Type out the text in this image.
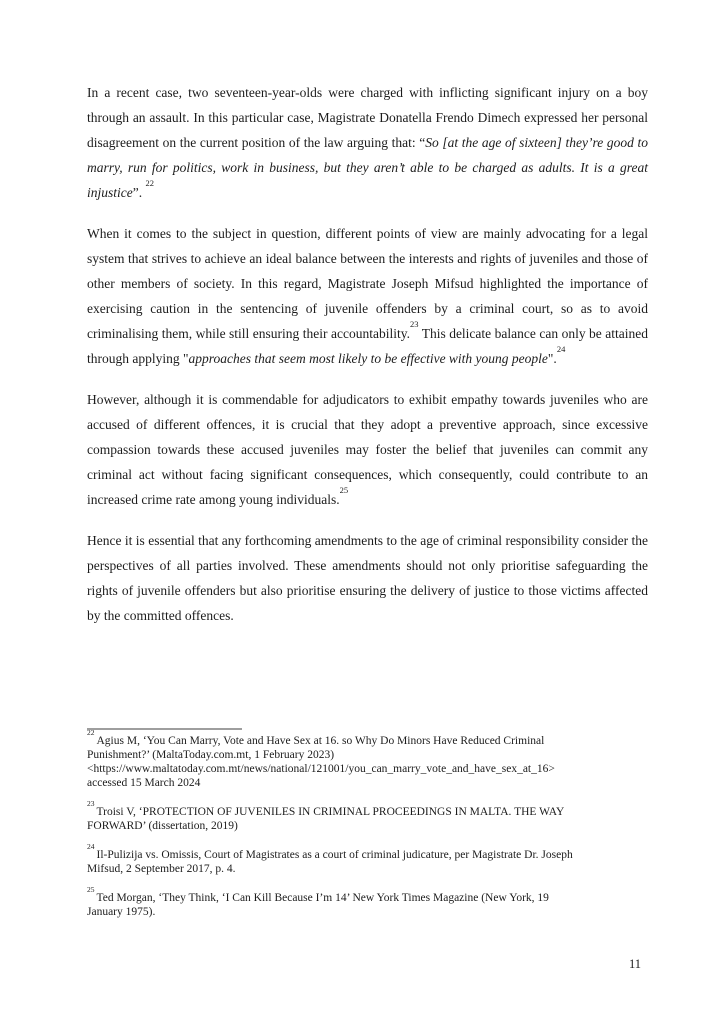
In a recent case, two seventeen-year-olds were charged with inflicting significant injury on a boy through an assault. In this particular case, Magistrate Donatella Frendo Dimech expressed her personal disagreement on the current position of the law arguing that: “So [at the age of sixteen] they’re good to marry, run for politics, work in business, but they aren’t able to be charged as adults. It is a great injustice”. $^{22}$

When it comes to the subject in question, different points of view are mainly advocating for a legal system that strives to achieve an ideal balance between the interests and rights of juveniles and those of other members of society. In this regard, Magistrate Joseph Mifsud highlighted the importance of exercising caution in the sentencing of juvenile offenders by a criminal court, so as to avoid criminalising them, while still ensuring their accountability.$^{23}$ This delicate balance can only be attained through applying "approaches that seem most likely to be effective with young people".$^{24}$

However, although it is commendable for adjudicators to exhibit empathy towards juveniles who are accused of different offences, it is crucial that they adopt a preventive approach, since excessive compassion towards these accused juveniles may foster the belief that juveniles can commit any criminal act without facing significant consequences, which consequently, could contribute to an increased crime rate among young individuals.$^{25}$

Hence it is essential that any forthcoming amendments to the age of criminal responsibility consider the perspectives of all parties involved. These amendments should not only prioritise safeguarding the rights of juvenile offenders but also prioritise ensuring the delivery of justice to those victims affected by the committed offences.

$^{22}$Agius M, ‘You Can Marry, Vote and Have Sex at 16. so Why Do Minors Have Reduced Criminal
Punishment?’ (MaltaToday.com.mt, 1 February 2023)
<https://www.maltatoday.com.mt/news/national/121001/you_can_marry_vote_and_have_sex_at_16>
accessed 15 March 2024
$^{23}$Troisi V, ‘PROTECTION OF JUVENILES IN CRIMINAL PROCEEDINGS IN MALTA. THE WAY
FORWARD’ (dissertation, 2019)
$^{24}$Il-Pulizija vs. Omissis, Court of Magistrates as a court of criminal judicature, per Magistrate Dr. Joseph
Mifsud, 2 September 2017, p. 4.
$^{25}$Ted Morgan, ‘They Think, ‘I Can Kill Because I’m 14’ New York Times Magazine (New York, 19
January 1975).
11
